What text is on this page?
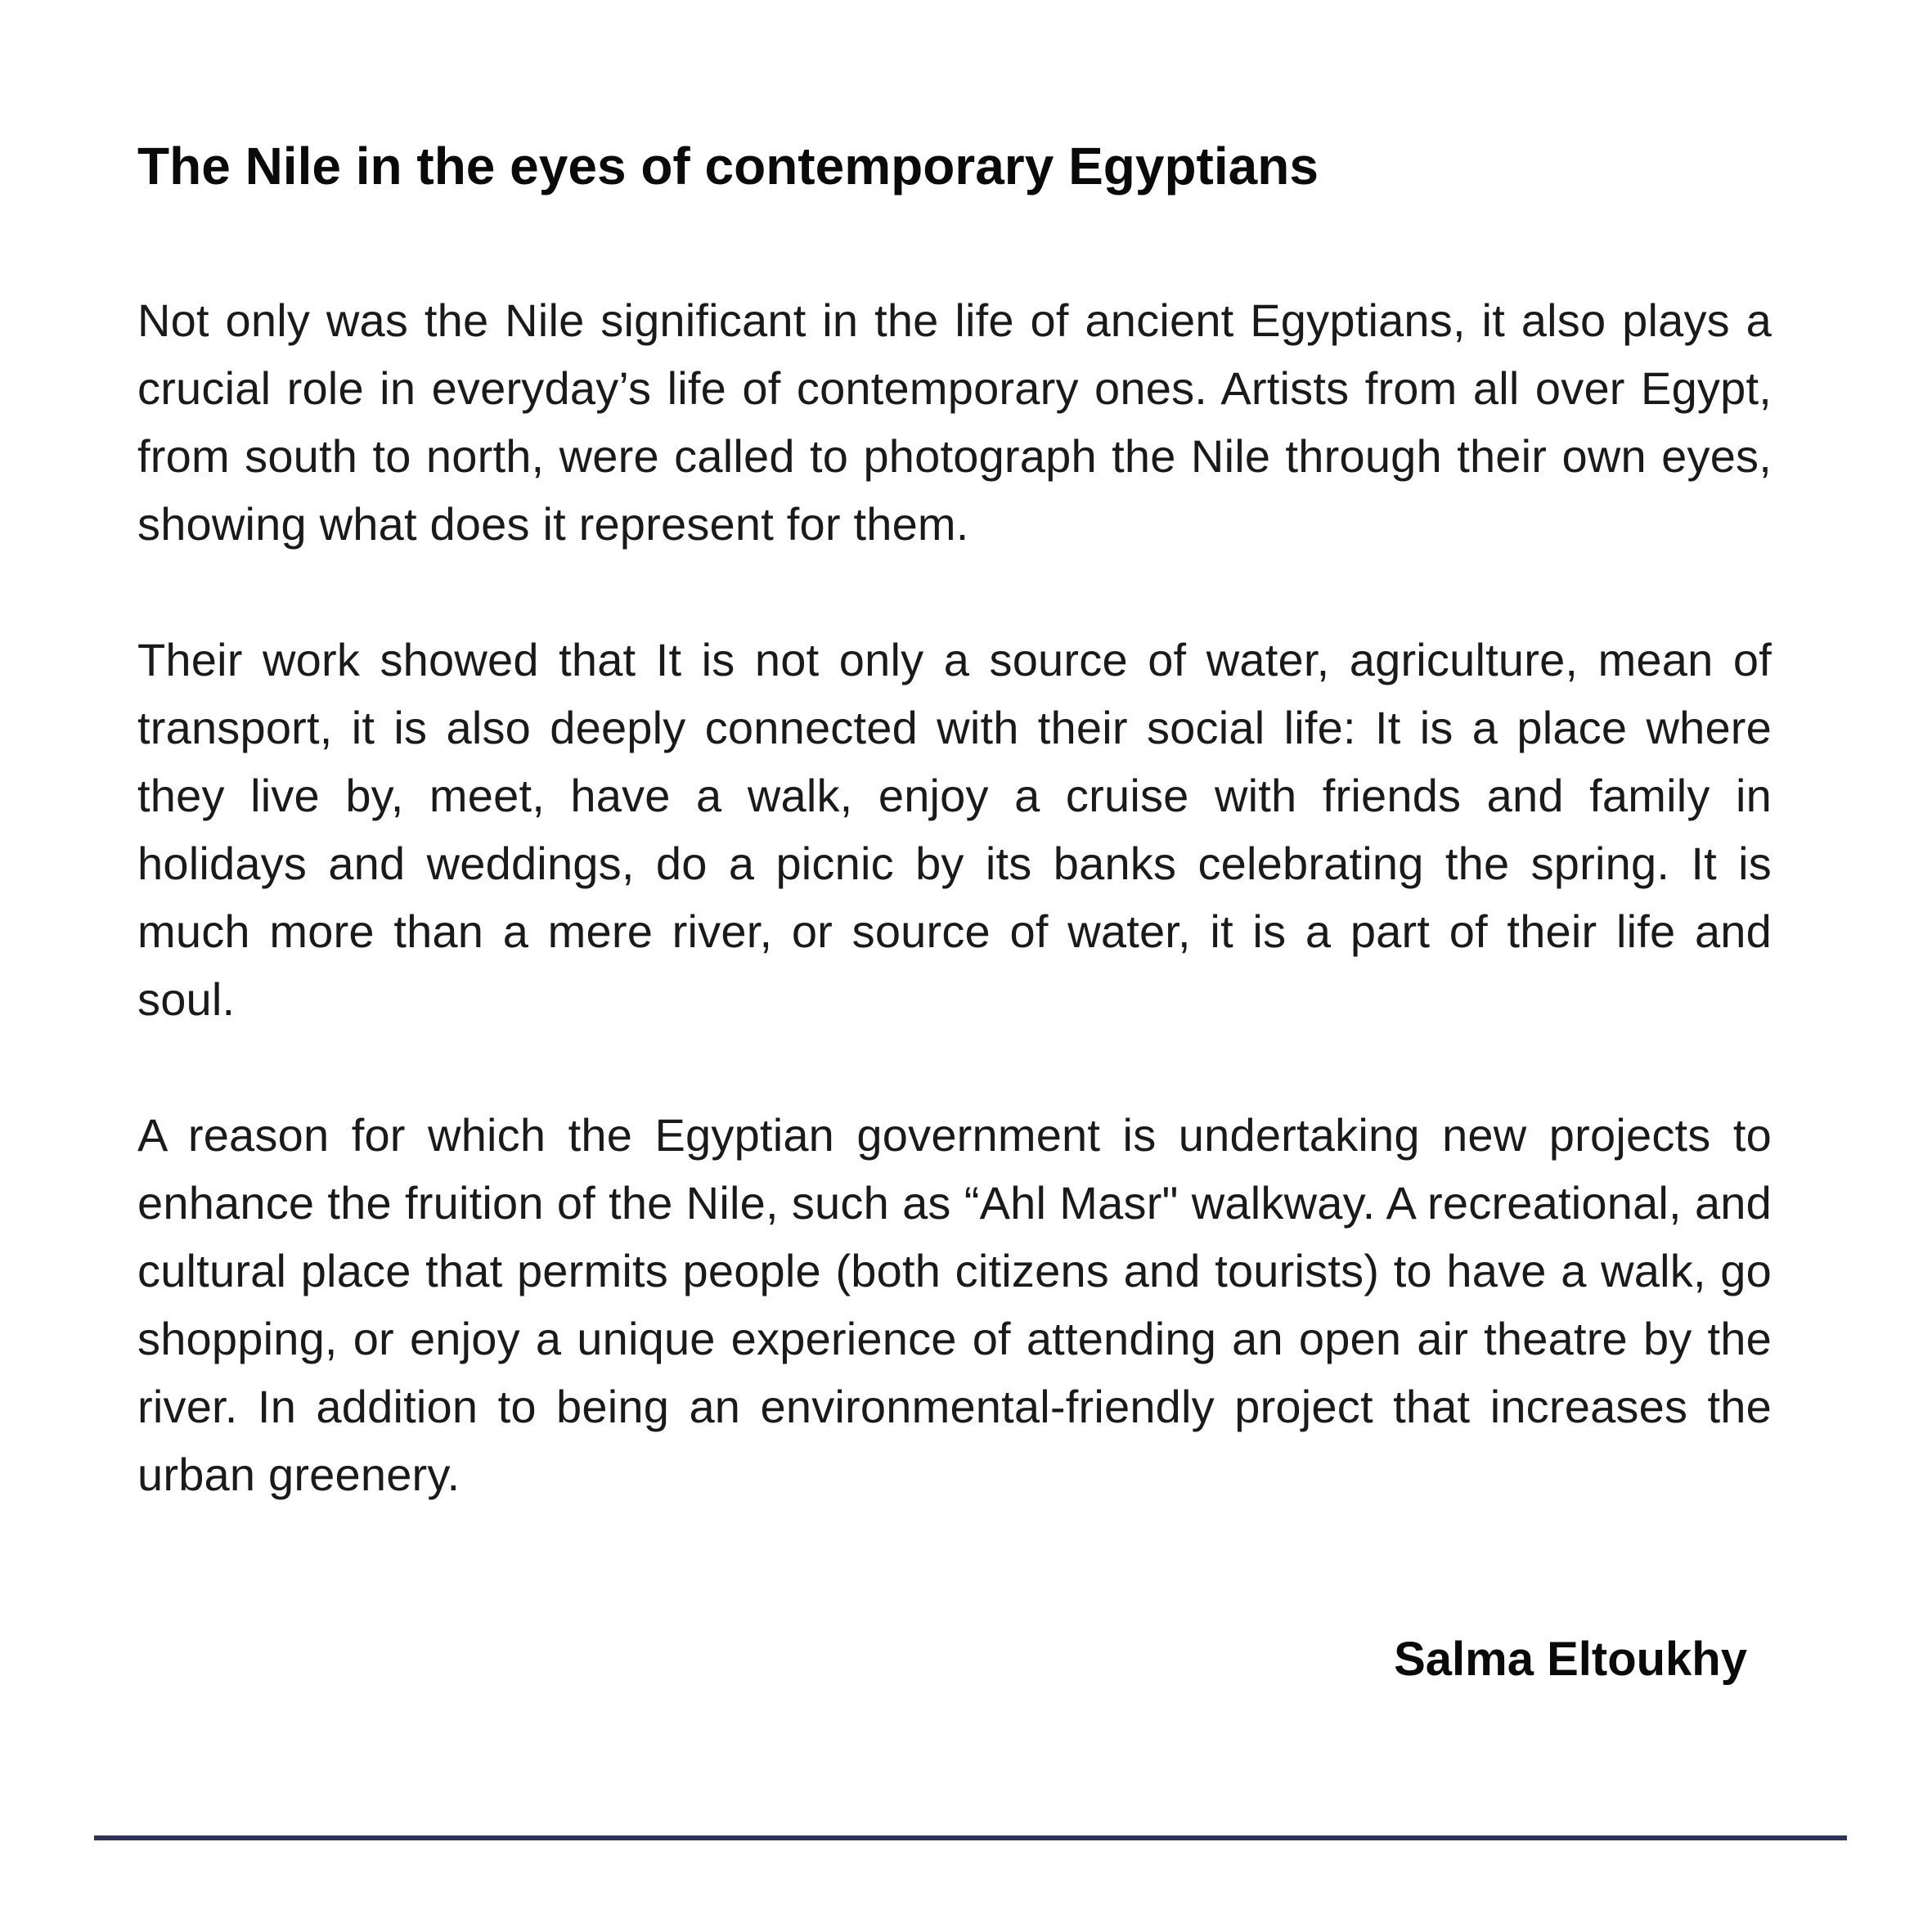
The Nile in the eyes of contemporary Egyptians

Not only was the Nile significant in the life of ancient Egyptians, it also plays a crucial role in everyday’s life of contemporary ones. Artists from all over Egypt, from south to north, were called to photograph the Nile through their own eyes, showing what does it represent for them.

Their work showed that It is not only a source of water, agriculture, mean of transport, it is also deeply connected with their social life: It is a place where they live by, meet, have a walk, enjoy a cruise with friends and family in holidays and weddings, do a picnic by its banks celebrating the spring. It is much more than a mere river, or source of water, it is a part of their life and soul.

A reason for which the Egyptian government is undertaking new projects to enhance the fruition of the Nile, such as “Ahl Masr" walkway. A recreational, and cultural place that permits people (both citizens and tourists) to have a walk, go shopping, or enjoy a unique experience of attending an open air theatre by the river. In addition to being an environmental-friendly project that increases the urban greenery.

Salma Eltoukhy
